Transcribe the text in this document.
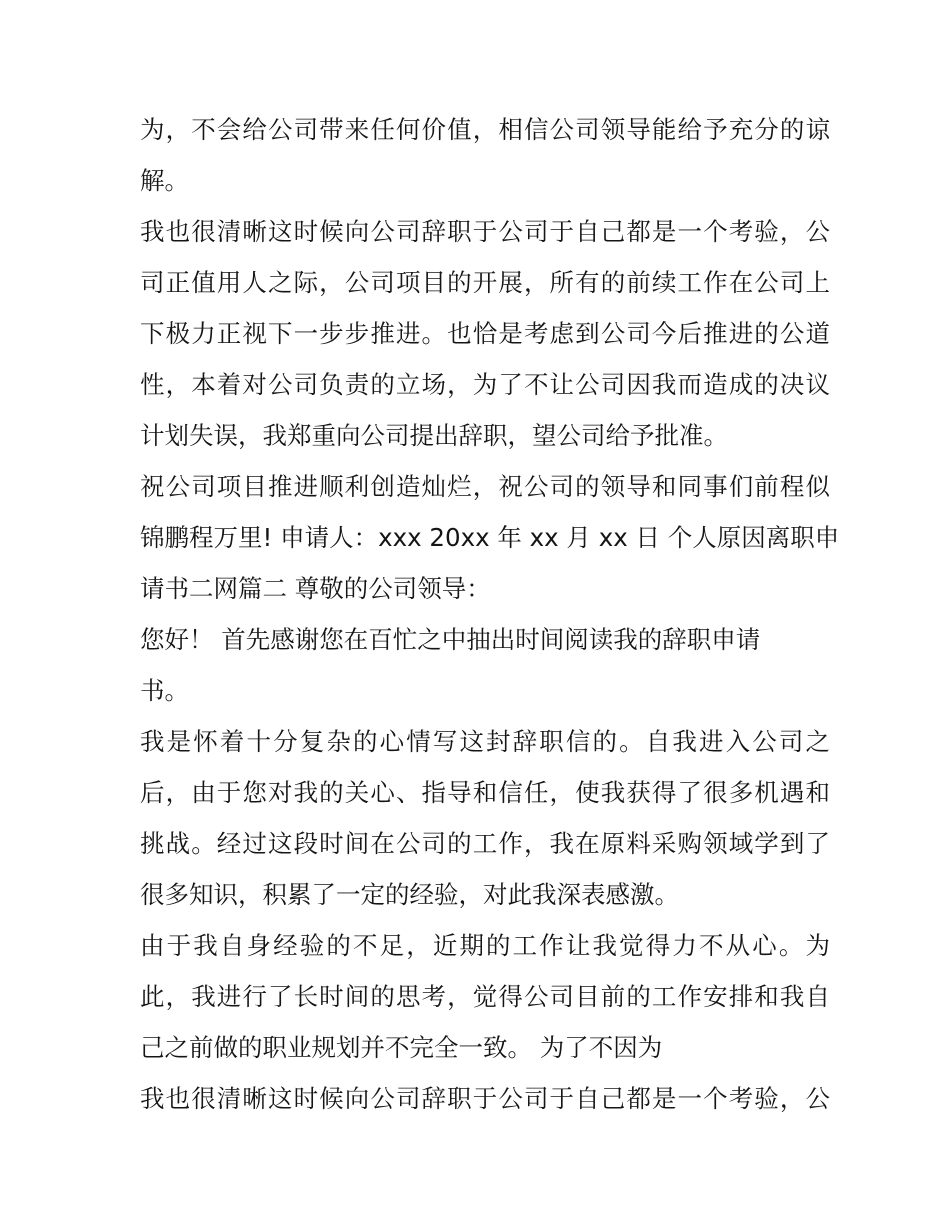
为，不会给公司带来任何价值，相信公司领导能给予充分的谅

解。

我也很清晰这时候向公司辞职于公司于自己都是一个考验，公

司正值用人之际，公司项目的开展，所有的前续工作在公司上

下极力正视下一步步推进。也恰是考虑到公司今后推进的公道

性，本着对公司负责的立场，为了不让公司因我而造成的决议

计划失误，我郑重向公司提出辞职，望公司给予批准。

祝公司项目推进顺利创造灿烂，祝公司的领导和同事们前程似

锦鹏程万里! 申请人：xxx 20xx 年 xx 月 xx 日 个人原因离职申

请书二网篇二 尊敬的公司领导：

您好！ 首先感谢您在百忙之中抽出时间阅读我的辞职申请

书。

我是怀着十分复杂的心情写这封辞职信的。自我进入公司之

后，由于您对我的关心、指导和信任，使我获得了很多机遇和

挑战。经过这段时间在公司的工作，我在原料采购领域学到了

很多知识，积累了一定的经验，对此我深表感激。

由于我自身经验的不足，近期的工作让我觉得力不从心。为

此，我进行了长时间的思考，觉得公司目前的工作安排和我自

己之前做的职业规划并不完全一致。 为了不因为

我也很清晰这时候向公司辞职于公司于自己都是一个考验，公
